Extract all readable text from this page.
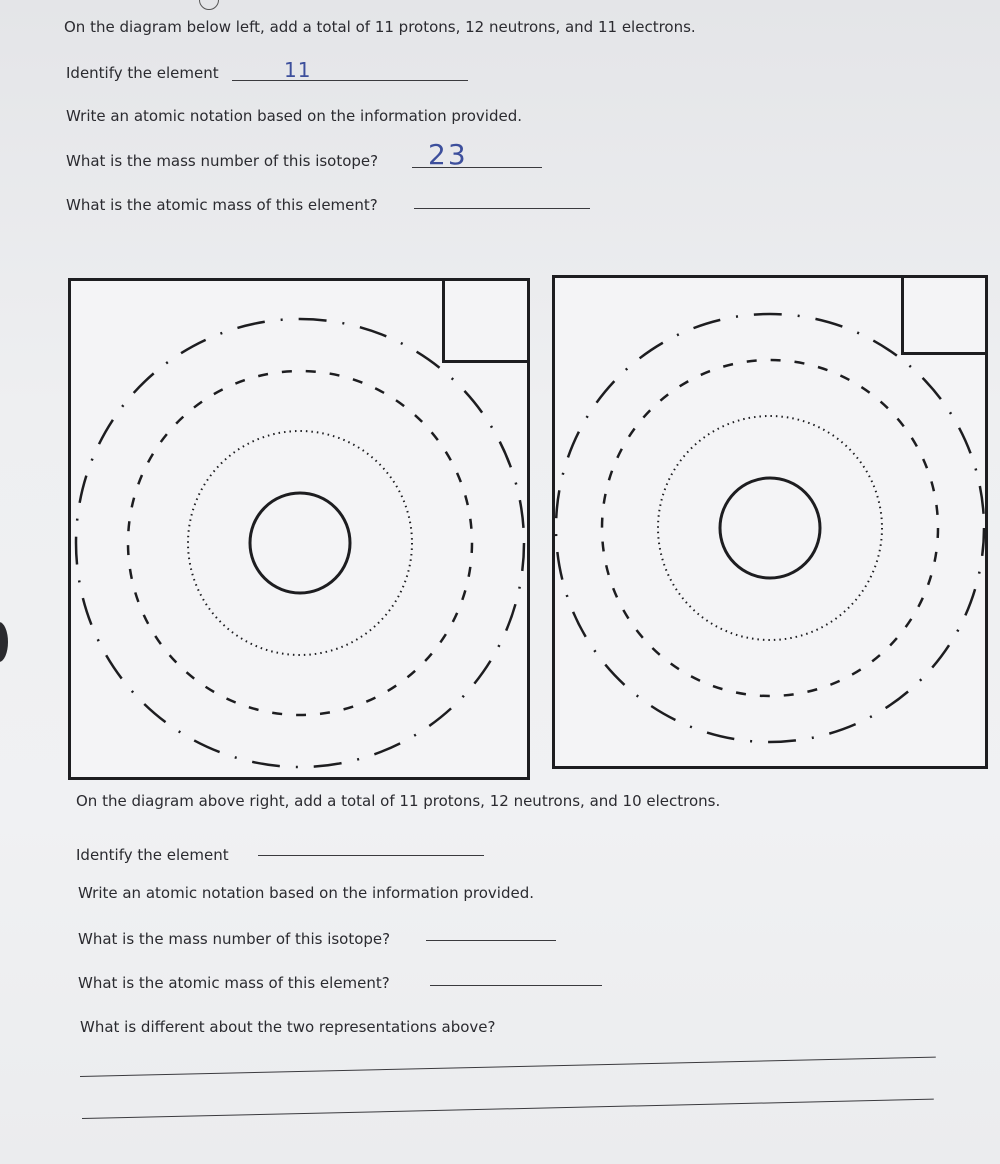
On the diagram below left, add a total of 11 protons, 12 neutrons, and 11 electrons.
Identify the element	11
Write an atomic notation based on the information provided.
What is the mass number of this isotope? 23
What is the atomic mass of this element?
On the diagram above right, add a total of 11 protons, 12 neutrons, and 10 electrons.
Identify the element
Write an atomic notation based on the information provided.
What is the mass number of this isotope?
What is the atomic mass of this element?
What is different about the two representations above?
